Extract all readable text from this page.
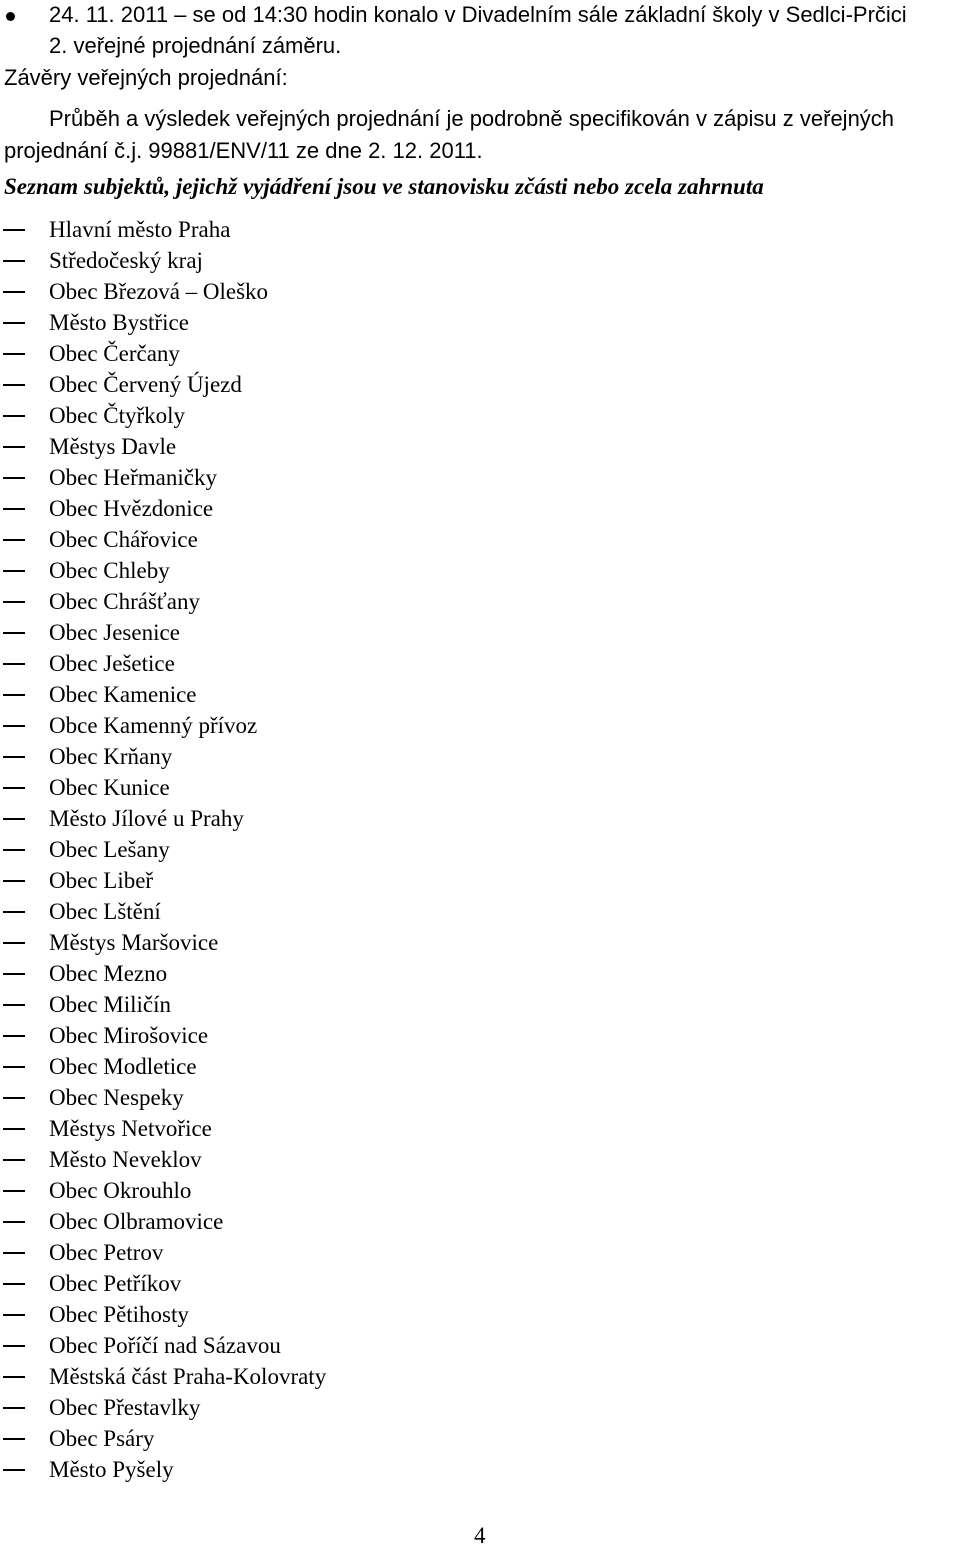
24. 11. 2011 – se od 14:30 hodin konalo v Divadelním sále základní školy v Sedlci-Prčici
2. veřejné projednání záměru.
Závěry veřejných projednání:
Průběh a výsledek veřejných projednání je podrobně specifikován v zápisu z veřejných
projednání č.j. 99881/ENV/11 ze dne 2. 12. 2011.
Seznam subjektů, jejichž vyjádření jsou ve stanovisku zčásti nebo zcela zahrnuta
Hlavní město Praha
Středočeský kraj
Obec Březová – Oleško
Město Bystřice
Obec Čerčany
Obec Červený Újezd
Obec Čtyřkoly
Městys Davle
Obec Heřmaničky
Obec Hvězdonice
Obec Chářovice
Obec Chleby
Obec Chrášťany
Obec Jesenice
Obec Ješetice
Obec Kamenice
Obce Kamenný přívoz
Obec Krňany
Obec Kunice
Město Jílové u Prahy
Obec Lešany
Obec Libeř
Obec Lštění
Městys Maršovice
Obec Mezno
Obec Miličín
Obec Mirošovice
Obec Modletice
Obec Nespeky
Městys Netvořice
Město Neveklov
Obec Okrouhlo
Obec Olbramovice
Obec Petrov
Obec Petříkov
Obec Pětihosty
Obec Poříčí nad Sázavou
Městská část Praha-Kolovraty
Obec Přestavlky
Obec Psáry
Město Pyšely
4
